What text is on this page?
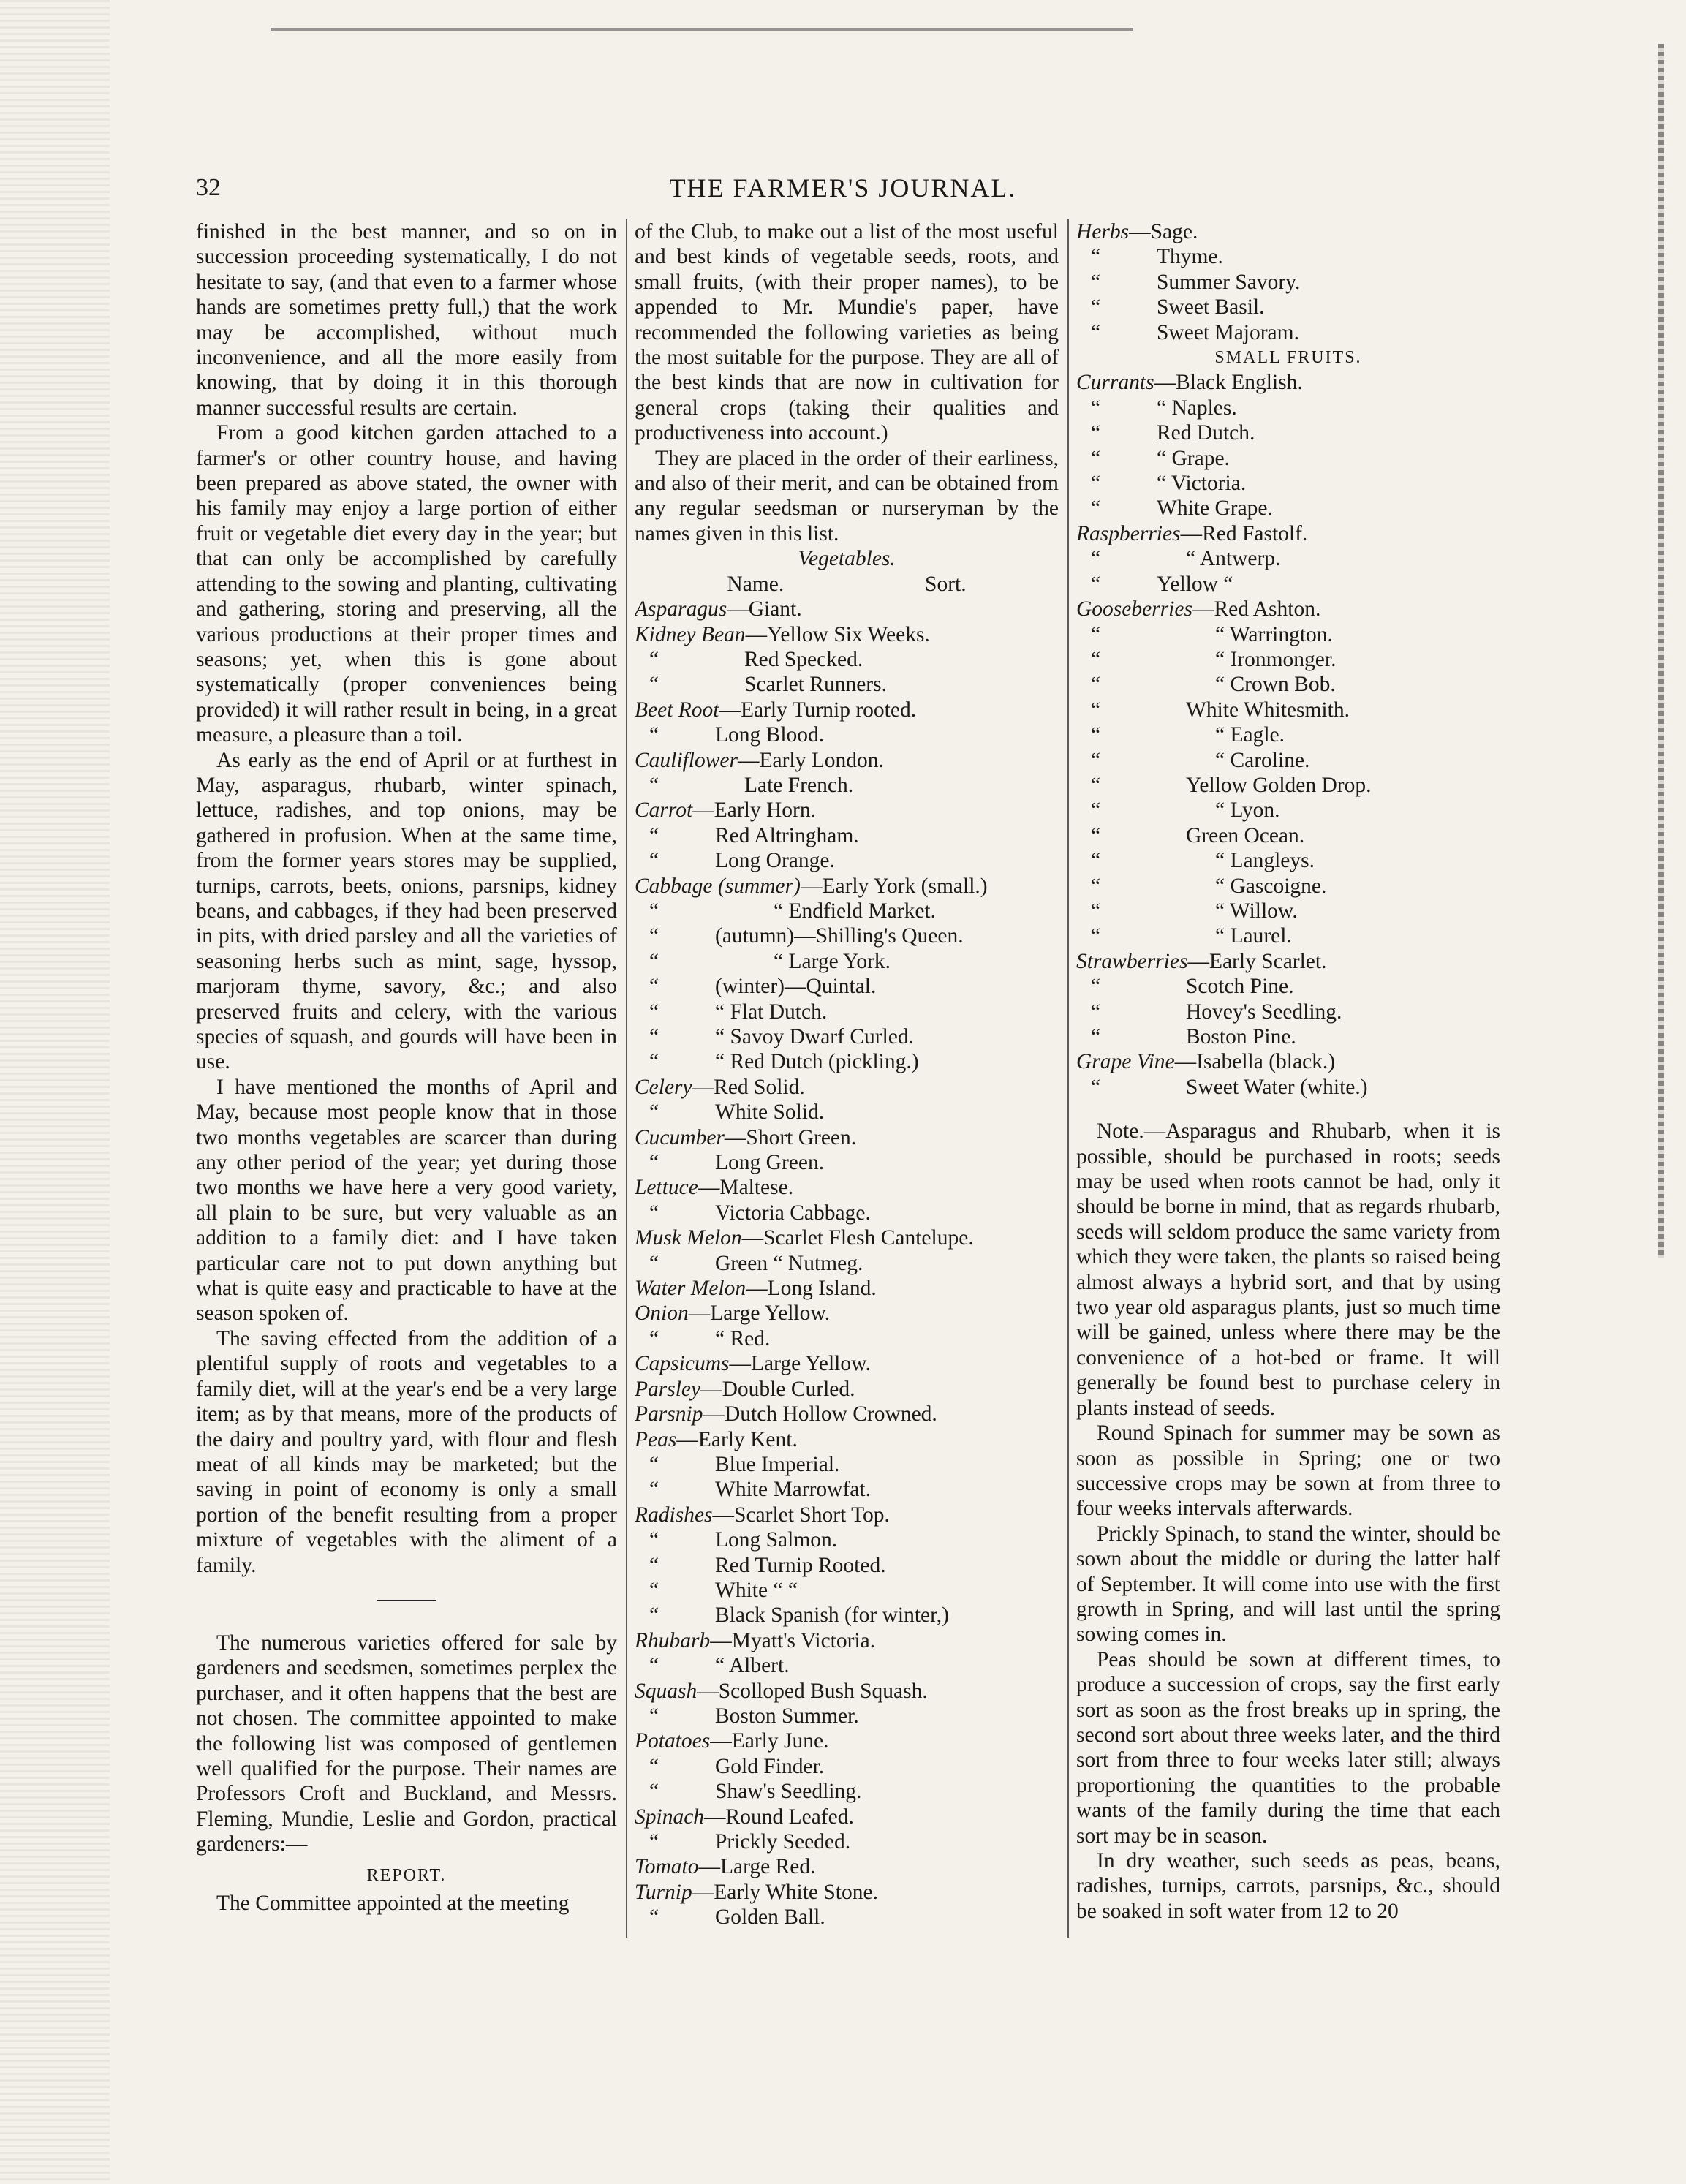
32	THE FARMER'S JOURNAL.

finished in the best manner, and so on in succession proceeding systematically, I do not hesitate to say, (and that even to a farmer whose hands are sometimes pretty full,) that the work may be accomplished, without much inconvenience, and all the more easily from knowing, that by doing it in this thorough manner successful results are certain.

From a good kitchen garden attached to a farmer's or other country house, and having been prepared as above stated, the owner with his family may enjoy a large portion of either fruit or vegetable diet every day in the year; but that can only be accomplished by carefully attending to the sowing and planting, cultivating and gathering, storing and preserving, all the various productions at their proper times and seasons; yet, when this is gone about systematically (proper conveniences being provided) it will rather result in being, in a great measure, a pleasure than a toil.

As early as the end of April or at furthest in May, asparagus, rhubarb, winter spinach, lettuce, radishes, and top onions, may be gathered in profusion. When at the same time, from the former years stores may be supplied, turnips, carrots, beets, onions, parsnips, kidney beans, and cabbages, if they had been preserved in pits, with dried parsley and all the varieties of seasoning herbs such as mint, sage, hyssop, marjoram thyme, savory, &c.; and also preserved fruits and celery, with the various species of squash, and gourds will have been in use.

I have mentioned the months of April and May, because most people know that in those two months vegetables are scarcer than during any other period of the year; yet during those two months we have here a very good variety, all plain to be sure, but very valuable as an addition to a family diet: and I have taken particular care not to put down anything but what is quite easy and practicable to have at the season spoken of.

The saving effected from the addition of a plentiful supply of roots and vegetables to a family diet, will at the year's end be a very large item; as by that means, more of the products of the dairy and poultry yard, with flour and flesh meat of all kinds may be marketed; but the saving in point of economy is only a small portion of the benefit resulting from a proper mixture of vegetables with the aliment of a family.

The numerous varieties offered for sale by gardeners and seedsmen, sometimes perplex the purchaser, and it often happens that the best are not chosen. The committee appointed to make the following list was composed of gentlemen well qualified for the purpose. Their names are Professors Croft and Buckland, and Messrs. Fleming, Mundie, Leslie and Gordon, practical gardeners:—

REPORT.

The Committee appointed at the meeting

of the Club, to make out a list of the most useful and best kinds of vegetable seeds, roots, and small fruits, (with their proper names), to be appended to Mr. Mundie's paper, have recommended the following varieties as being the most suitable for the purpose. They are all of the best kinds that are now in cultivation for general crops (taking their qualities and productiveness into account.)

They are placed in the order of their earliness, and also of their merit, and can be obtained from any regular seedsman or nurseryman by the names given in this list.

Vegetables.
Name.	Sort.
Asparagus—Giant.
Kidney Bean—Yellow Six Weeks.
“	Red Specked.
“	Scarlet Runners.
Beet Root—Early Turnip rooted.
“	Long Blood.
Cauliflower—Early London.
“	Late French.
Carrot—Early Horn.
“	Red Altringham.
“	Long Orange.
Cabbage (summer)—Early York (small.)
“	“ Endfield Market.
“	(autumn)—Shilling's Queen.
“	“ Large York.
“	(winter)—Quintal.
“	“ Flat Dutch.
“	“ Savoy Dwarf Curled.
“	“ Red Dutch (pickling.)
Celery—Red Solid.
“	White Solid.
Cucumber—Short Green.
“	Long Green.
Lettuce—Maltese.
“	Victoria Cabbage.
Musk Melon—Scarlet Flesh Cantelupe.
“	Green “ Nutmeg.
Water Melon—Long Island.
Onion—Large Yellow.
“	“ Red.
Capsicums—Large Yellow.
Parsley—Double Curled.
Parsnip—Dutch Hollow Crowned.
Peas—Early Kent.
“	Blue Imperial.
“	White Marrowfat.
Radishes—Scarlet Short Top.
“	Long Salmon.
“	Red Turnip Rooted.
“	White “ “
“	Black Spanish (for winter,)
Rhubarb—Myatt's Victoria.
“	“ Albert.
Squash—Scolloped Bush Squash.
“	Boston Summer.
Potatoes—Early June.
“	Gold Finder.
“	Shaw's Seedling.
Spinach—Round Leafed.
“	Prickly Seeded.
Tomato—Large Red.
Turnip—Early White Stone.
“	Golden Ball.
Herbs—Sage.
“	Thyme.
“	Summer Savory.
“	Sweet Basil.
“	Sweet Majoram.
SMALL FRUITS.
Currants—Black English.
“	“ Naples.
“	Red Dutch.
“	“ Grape.
“	“ Victoria.
“	White Grape.
Raspberries—Red Fastolf.
“	“ Antwerp.
“	Yellow “
Gooseberries—Red Ashton.
“	“ Warrington.
“	“ Ironmonger.
“	“ Crown Bob.
“	White Whitesmith.
“	“ Eagle.
“	“ Caroline.
“	Yellow Golden Drop.
“	“ Lyon.
“	Green Ocean.
“	“ Langleys.
“	“ Gascoigne.
“	“ Willow.
“	“ Laurel.
Strawberries—Early Scarlet.
“	Scotch Pine.
“	Hovey's Seedling.
“	Boston Pine.
Grape Vine—Isabella (black.)
“	Sweet Water (white.)

Note.—Asparagus and Rhubarb, when it is possible, should be purchased in roots; seeds may be used when roots cannot be had, only it should be borne in mind, that as regards rhubarb, seeds will seldom produce the same variety from which they were taken, the plants so raised being almost always a hybrid sort, and that by using two year old asparagus plants, just so much time will be gained, unless where there may be the convenience of a hot-bed or frame. It will generally be found best to purchase celery in plants instead of seeds.

Round Spinach for summer may be sown as soon as possible in Spring; one or two successive crops may be sown at from three to four weeks intervals afterwards.

Prickly Spinach, to stand the winter, should be sown about the middle or during the latter half of September. It will come into use with the first growth in Spring, and will last until the spring sowing comes in.

Peas should be sown at different times, to produce a succession of crops, say the first early sort as soon as the frost breaks up in spring, the second sort about three weeks later, and the third sort from three to four weeks later still; always proportioning the quantities to the probable wants of the family during the time that each sort may be in season.

In dry weather, such seeds as peas, beans, radishes, turnips, carrots, parsnips, &c., should be soaked in soft water from 12 to 20
